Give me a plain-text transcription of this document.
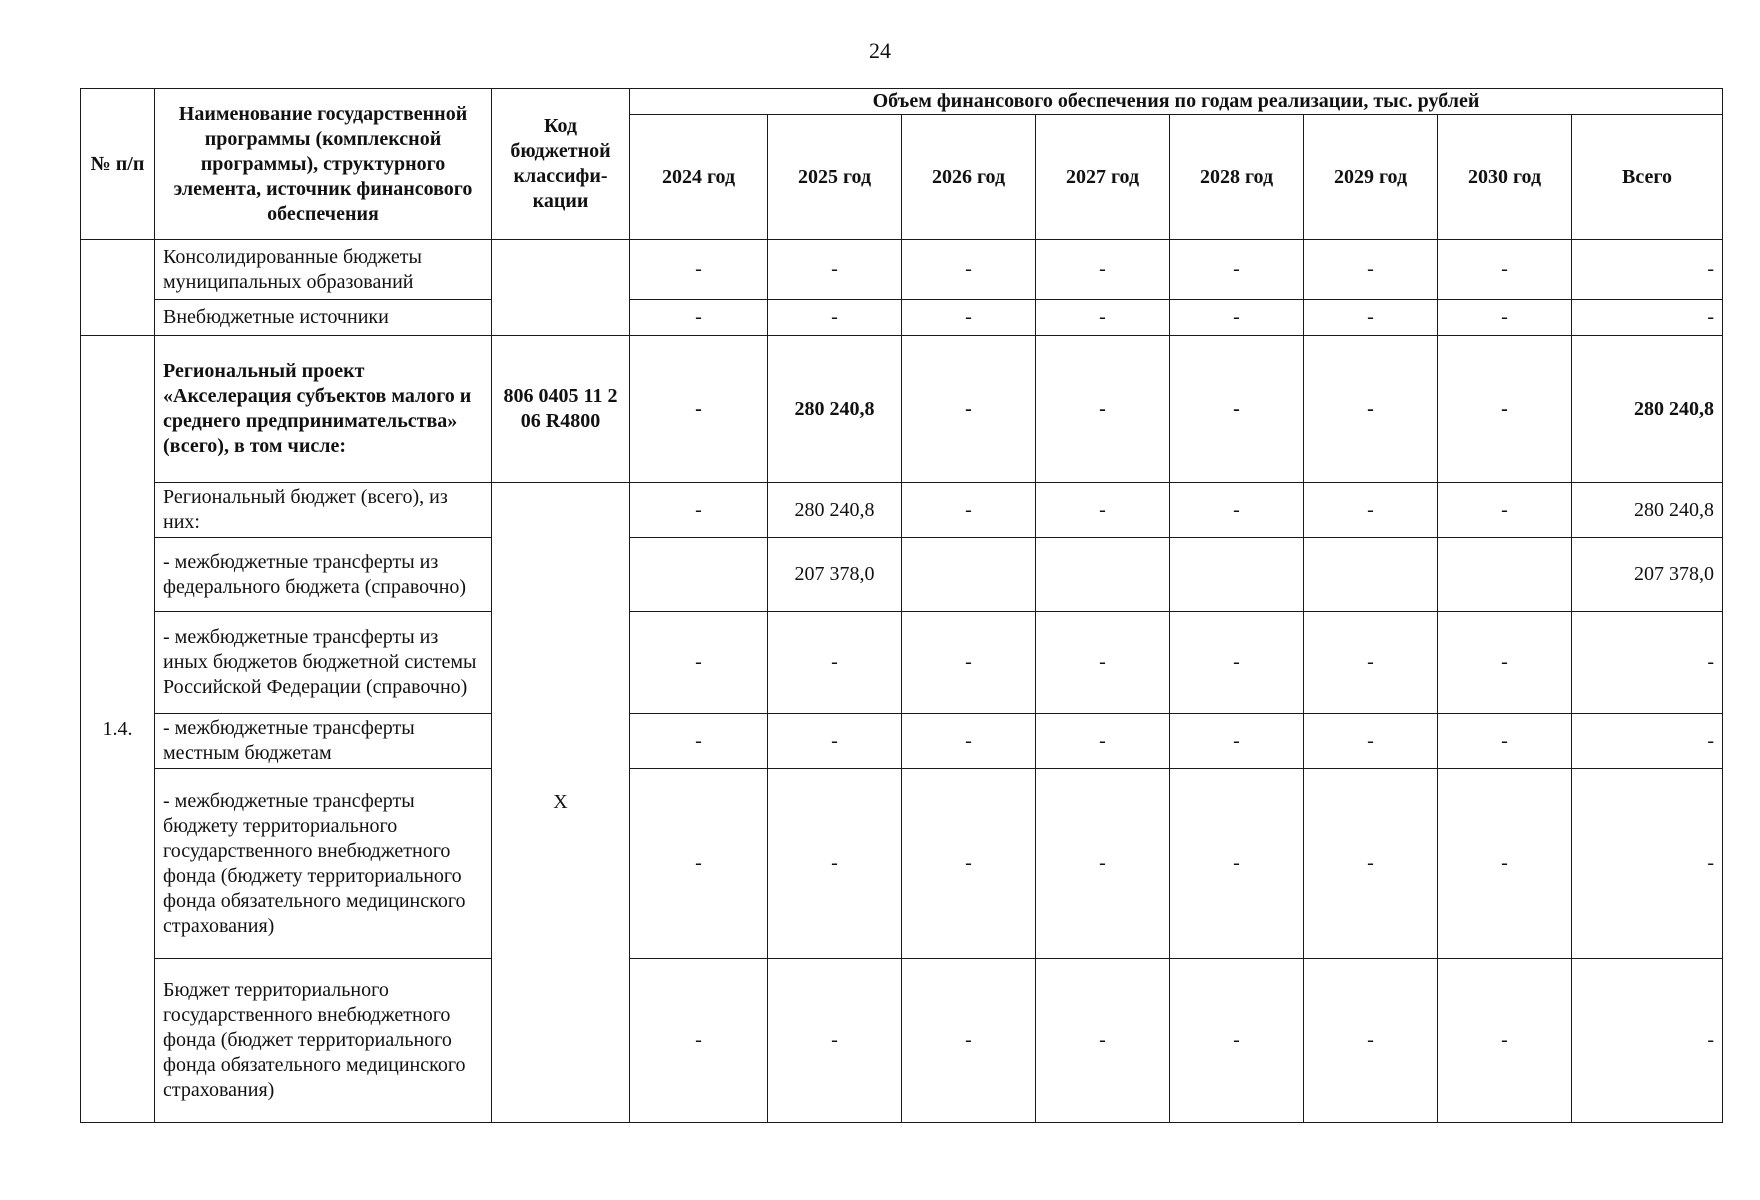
24
№ п/п	Наименование государственной программы (комплексной программы), структурного элемента, источник финансового обеспечения	Код бюджетной классифи-кации	Объем финансового обеспечения по годам реализации, тыс. рублей							
			2024 год	2025 год	2026 год	2027 год	2028 год	2029 год	2030 год	Всего
	Консолидированные бюджеты муниципальных образований		-	-	-	-	-	-	-	-
	Внебюджетные источники		-	-	-	-	-	-	-	-
1.4.	Региональный проект «Акселерация субъектов малого и среднего предпринимательства» (всего), в том числе:	806 0405 11 2 06 R4800	-	280 240,8	-	-	-	-	-	280 240,8
	Региональный бюджет (всего), из них:	X	-	280 240,8	-	-	-	-	-	280 240,8
	- межбюджетные трансферты из федерального бюджета (справочно)			207 378,0						207 378,0
	- межбюджетные трансферты из иных бюджетов бюджетной системы Российской Федерации (справочно)		-	-	-	-	-	-	-	-
	- межбюджетные трансферты местным бюджетам		-	-	-	-	-	-	-	-
	- межбюджетные трансферты бюджету территориального государственного внебюджетного фонда (бюджету территориального фонда обязательного медицинского страхования)		-	-	-	-	-	-	-	-
	Бюджет территориального государственного внебюджетного фонда (бюджет территориального фонда обязательного медицинского страхования)		-	-	-	-	-	-	-	-
